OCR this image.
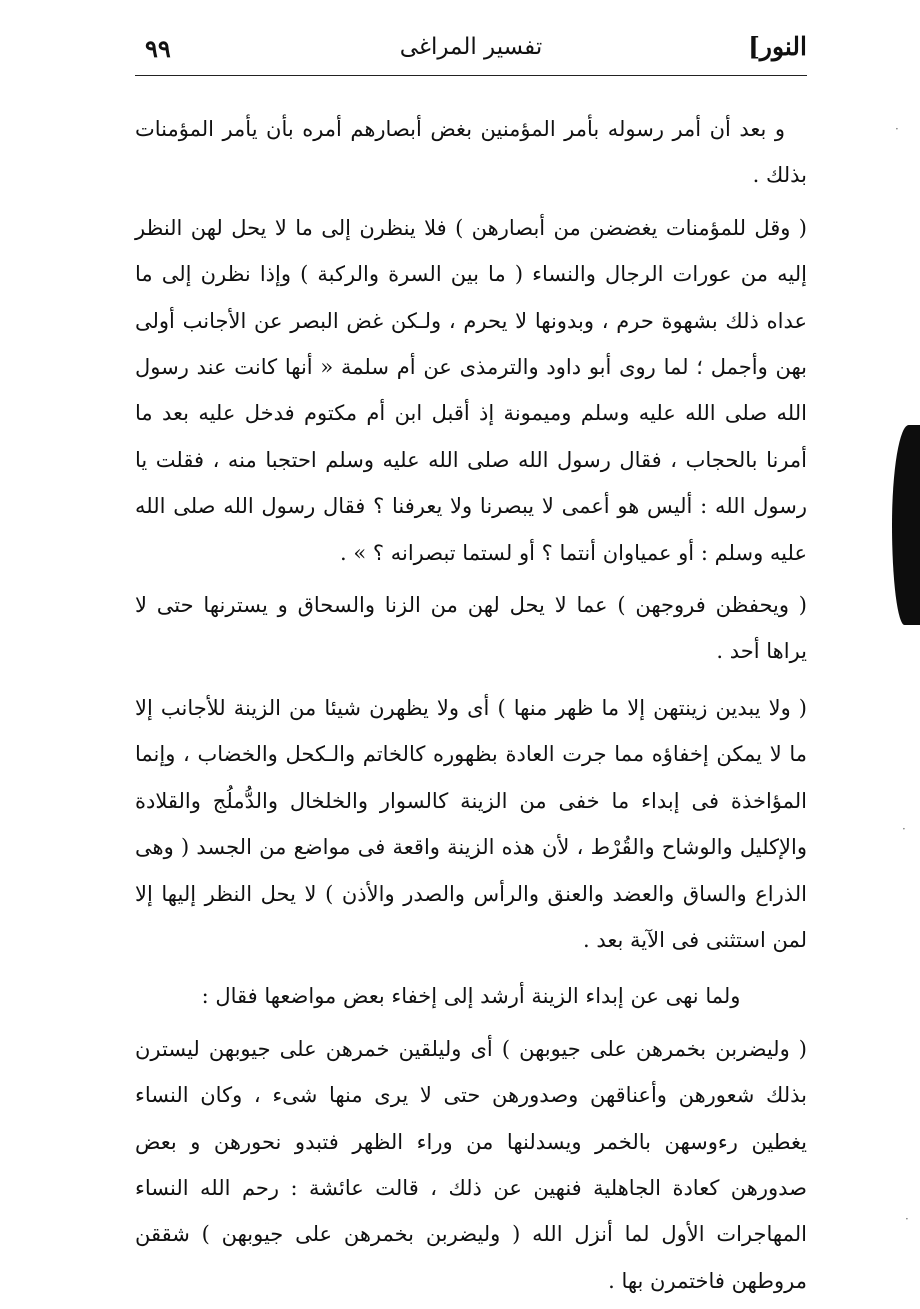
٩٩	تفسير المراغى	النور]

و بعد أن أمر رسوله بأمر المؤمنين بغض أبصارهم أمره بأن يأمر المؤمنات بذلك .

( وقل للمؤمنات يغضضن من أبصارهن ) فلا ينظرن إلى ما لا يحل لهن النظر إليه من عورات الرجال والنساء ( ما بين السرة والركبة ) وإذا نظرن إلى ما عداه ذلك بشهوة حرم ، وبدونها لا يحرم ، ولـكن غض البصر عن الأجانب أولى بهن وأجمل ؛ لما روى أبو داود والترمذى عن أم سلمة « أنها كانت عند رسول الله صلى الله عليه وسلم وميمونة إذ أقبل ابن أم مكتوم فدخل عليه بعد ما أمرنا بالحجاب ، فقال رسول الله صلى الله عليه وسلم احتجبا منه ، فقلت يا رسول الله : أليس هو أعمى لا يبصرنا ولا يعرفنا ؟ فقال رسول الله صلى الله عليه وسلم : أو عمياوان أنتما ؟ أو لستما تبصرانه ؟ » .

( ويحفظن فروجهن ) عما لا يحل لهن من الزنا والسحاق و يسترنها حتى لا يراها أحد .

( ولا يبدين زينتهن إلا ما ظهر منها ) أى ولا يظهرن شيئا من الزينة للأجانب إلا ما لا يمكن إخفاؤه مما جرت العادة بظهوره كالخاتم والـكحل والخضاب ، وإنما المؤاخذة فى إبداء ما خفى من الزينة كالسوار والخلخال والدُّملُج والقلادة والإكليل والوشاح والقُرْط ، لأن هذه الزينة واقعة فى مواضع من الجسد ( وهى الذراع والساق والعضد والعنق والرأس والصدر والأذن ) لا يحل النظر إليها إلا لمن استثنى فى الآية بعد .

ولما نهى عن إبداء الزينة أرشد إلى إخفاء بعض مواضعها فقال :

( وليضربن بخمرهن على جيوبهن ) أى وليلقين خمرهن على جيوبهن ليسترن بذلك شعورهن وأعناقهن وصدورهن حتى لا يرى منها شىء ، وكان النساء يغطين رءوسهن بالخمر ويسدلنها من وراء الظهر فتبدو نحورهن و بعض صدورهن كعادة الجاهلية فنهين عن ذلك ، قالت عائشة : رحم الله النساء المهاجرات الأول لما أنزل الله ( وليضربن بخمرهن على جيوبهن ) شققن مروطهن فاختمرن بها .

·
·
·
